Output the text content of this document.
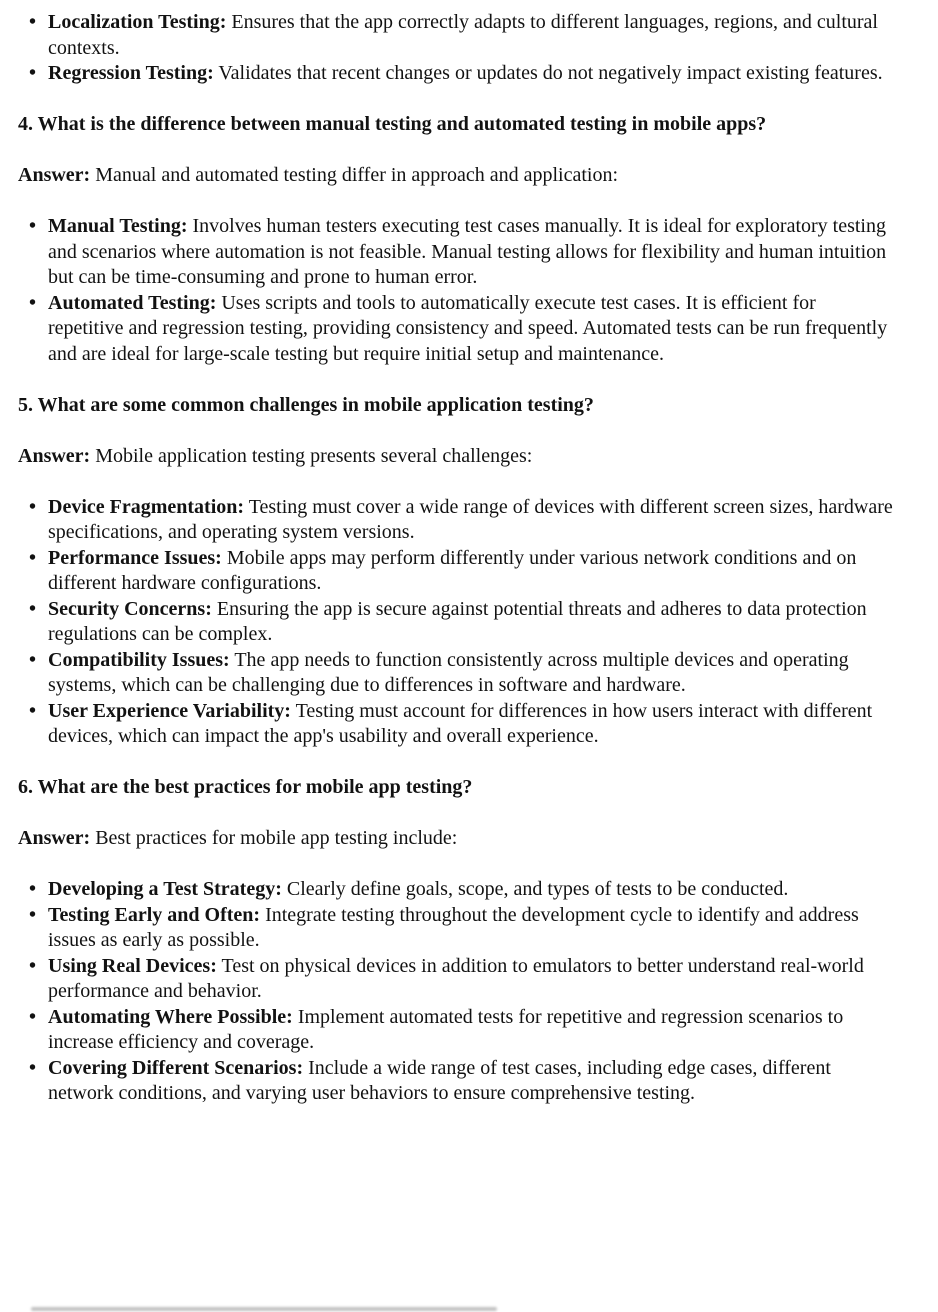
• Localization Testing: Ensures that the app correctly adapts to different languages, regions, and cultural contexts.
• Regression Testing: Validates that recent changes or updates do not negatively impact existing features.
4. What is the difference between manual testing and automated testing in mobile apps?

Answer: Manual and automated testing differ in approach and application:

• Manual Testing: Involves human testers executing test cases manually. It is ideal for exploratory testing and scenarios where automation is not feasible. Manual testing allows for flexibility and human intuition but can be time-consuming and prone to human error.
• Automated Testing: Uses scripts and tools to automatically execute test cases. It is efficient for repetitive and regression testing, providing consistency and speed. Automated tests can be run frequently and are ideal for large-scale testing but require initial setup and maintenance.
5. What are some common challenges in mobile application testing?

Answer: Mobile application testing presents several challenges:

• Device Fragmentation: Testing must cover a wide range of devices with different screen sizes, hardware specifications, and operating system versions.
• Performance Issues: Mobile apps may perform differently under various network conditions and on different hardware configurations.
• Security Concerns: Ensuring the app is secure against potential threats and adheres to data protection regulations can be complex.
• Compatibility Issues: The app needs to function consistently across multiple devices and operating systems, which can be challenging due to differences in software and hardware.
• User Experience Variability: Testing must account for differences in how users interact with different devices, which can impact the app's usability and overall experience.
6. What are the best practices for mobile app testing?

Answer: Best practices for mobile app testing include:

• Developing a Test Strategy: Clearly define goals, scope, and types of tests to be conducted.
• Testing Early and Often: Integrate testing throughout the development cycle to identify and address issues as early as possible.
• Using Real Devices: Test on physical devices in addition to emulators to better understand real-world performance and behavior.
• Automating Where Possible: Implement automated tests for repetitive and regression scenarios to increase efficiency and coverage.
• Covering Different Scenarios: Include a wide range of test cases, including edge cases, different network conditions, and varying user behaviors to ensure comprehensive testing.
